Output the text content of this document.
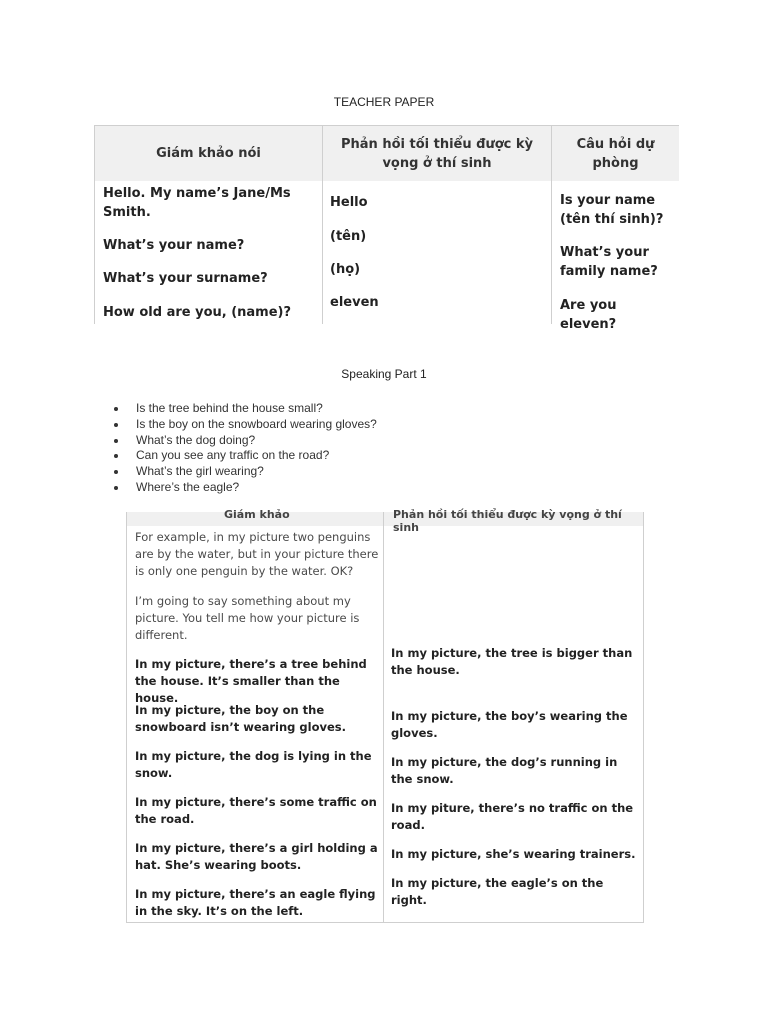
TEACHER PAPER
Giám khảo nói
Phản hồi tối thiểu được kỳ vọng ở thí sinh
Câu hỏi dự phòng
Hello. My name’s Jane/Ms Smith.
What’s your name?
What’s your surname?
How old are you, (name)?
Hello
(tên)
(họ)
eleven
Is your name (tên thí sinh)?
What’s your family name?
Are you eleven?
Speaking Part 1
Is the tree behind the house small?
Is the boy on the snowboard wearing gloves?
What’s the dog doing?
Can you see any traffic on the road?
What’s the girl wearing?
Where’s the eagle?
Giám khảo	Phản hồi tối thiểu được kỳ vọng ở thí sinh
For example, in my picture two penguins are by the water, but in your picture there is only one penguin by the water. OK?
I’m going to say something about my picture. You tell me how your picture is different.
In my picture, there’s a tree behind the house. It’s smaller than the house.
In my picture, the boy on the snowboard isn’t wearing gloves.
In my picture, the dog is lying in the snow.
In my picture, there’s some traffic on the road.
In my picture, there’s a girl holding a hat. She’s wearing boots.
In my picture, there’s an eagle flying in the sky. It’s on the left.
In my picture, the tree is bigger than the house.
In my picture, the boy’s wearing the gloves.
In my picture, the dog’s running in the snow.
In my piture, there’s no traffic on the road.
In my picture, she’s wearing trainers.
In my picture, the eagle’s on the right.
